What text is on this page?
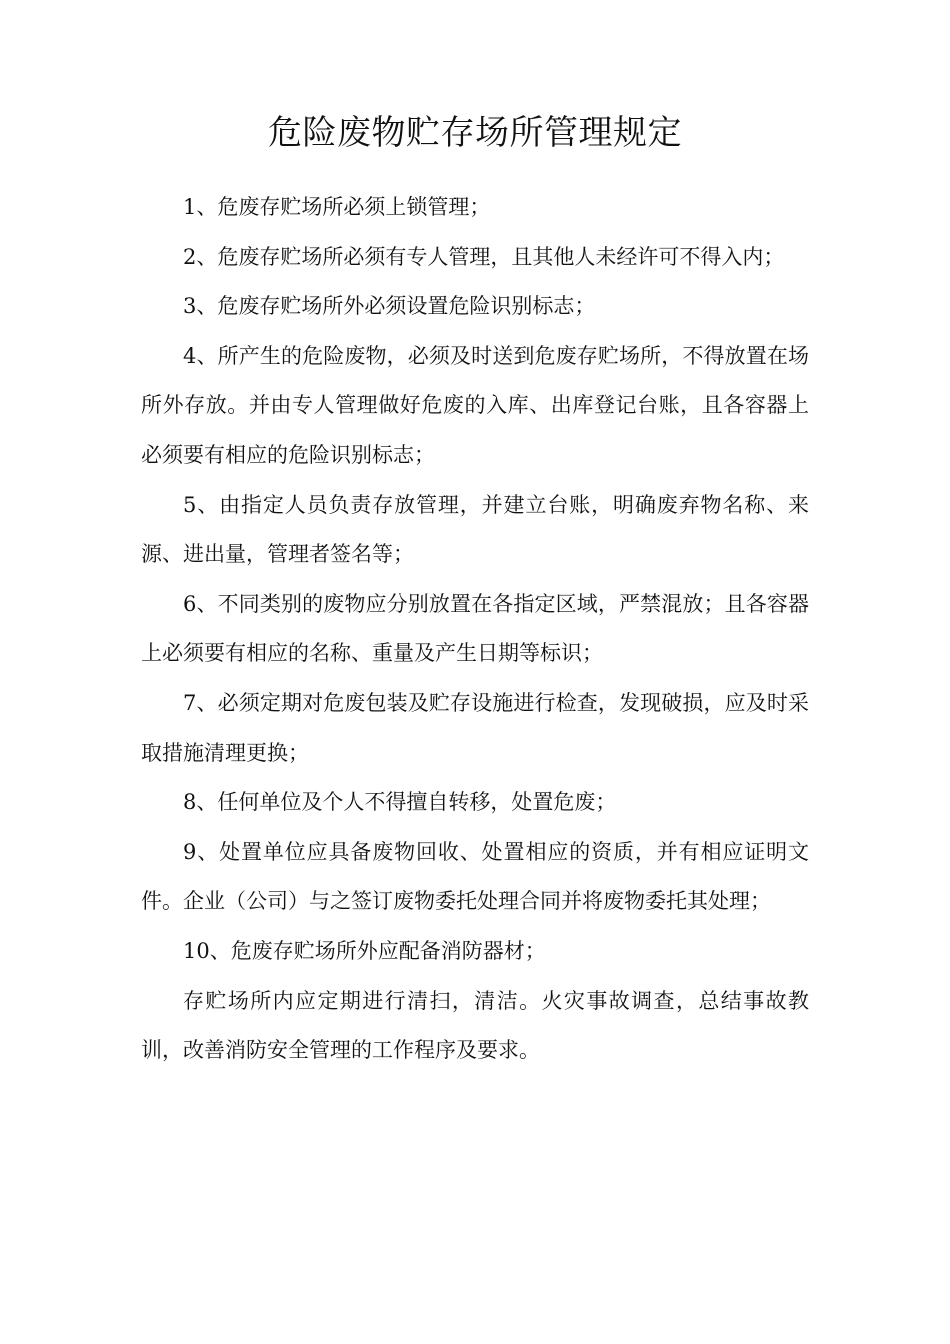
危险废物贮存场所管理规定

1、危废存贮场所必须上锁管理；

2、危废存贮场所必须有专人管理，且其他人未经许可不得入内；

3、危废存贮场所外必须设置危险识别标志；

4、所产生的危险废物，必须及时送到危废存贮场所，不得放置在场所外存放。并由专人管理做好危废的入库、出库登记台账，且各容器上必须要有相应的危险识别标志；

5、由指定人员负责存放管理，并建立台账，明确废弃物名称、来源、进出量，管理者签名等；

6、不同类别的废物应分别放置在各指定区域，严禁混放；且各容器上必须要有相应的名称、重量及产生日期等标识；

7、必须定期对危废包装及贮存设施进行检查，发现破损，应及时采取措施清理更换；

8、任何单位及个人不得擅自转移，处置危废；

9、处置单位应具备废物回收、处置相应的资质，并有相应证明文件。企业（公司）与之签订废物委托处理合同并将废物委托其处理；

10、危废存贮场所外应配备消防器材；

存贮场所内应定期进行清扫，清洁。火灾事故调查，总结事故教训，改善消防安全管理的工作程序及要求。
